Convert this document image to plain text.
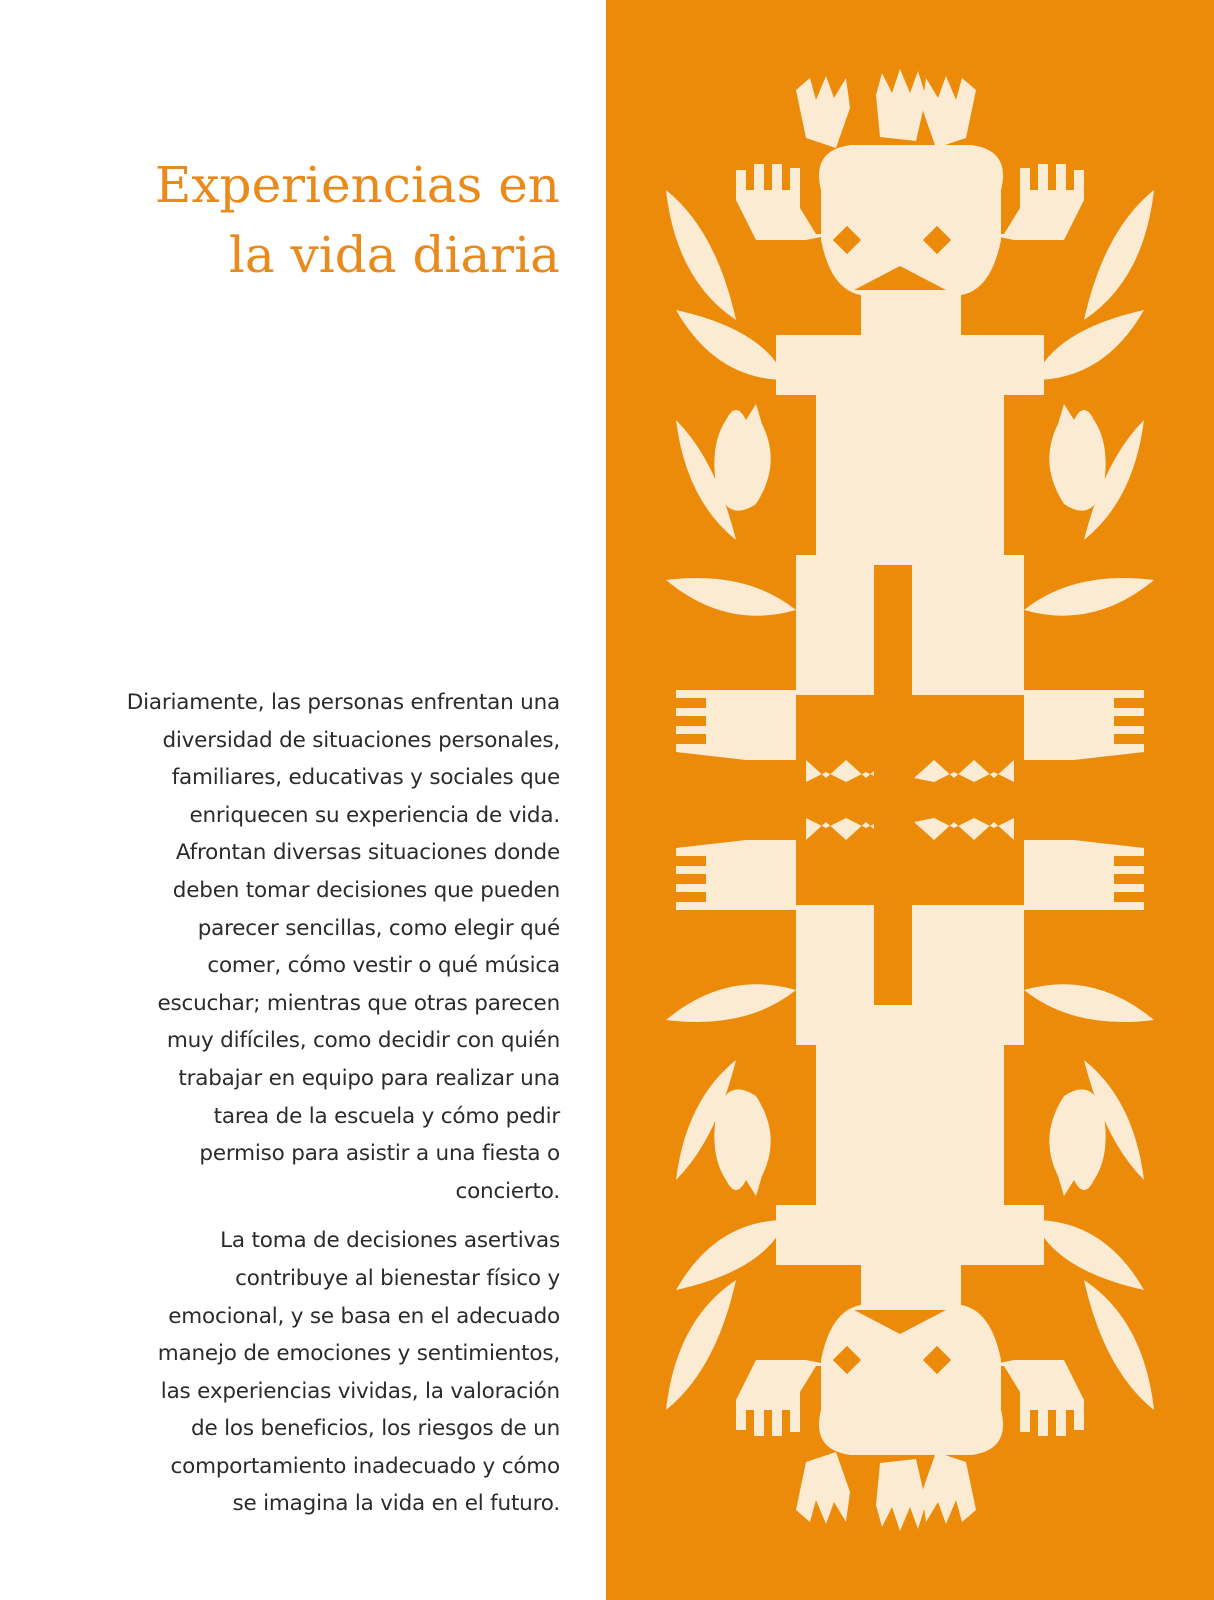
Experiencias en
la vida diaria

Diariamente, las personas enfrentan una
diversidad de situaciones personales,
familiares, educativas y sociales que
enriquecen su experiencia de vida.
Afrontan diversas situaciones donde
deben tomar decisiones que pueden
parecer sencillas, como elegir qué
comer, cómo vestir o qué música
escuchar; mientras que otras parecen
muy difíciles, como decidir con quién
trabajar en equipo para realizar una
tarea de la escuela y cómo pedir
permiso para asistir a una fiesta o
concierto.

La toma de decisiones asertivas
contribuye al bienestar físico y
emocional, y se basa en el adecuado
manejo de emociones y sentimientos,
las experiencias vividas, la valoración
de los beneficios, los riesgos de un
comportamiento inadecuado y cómo
se imagina la vida en el futuro.
